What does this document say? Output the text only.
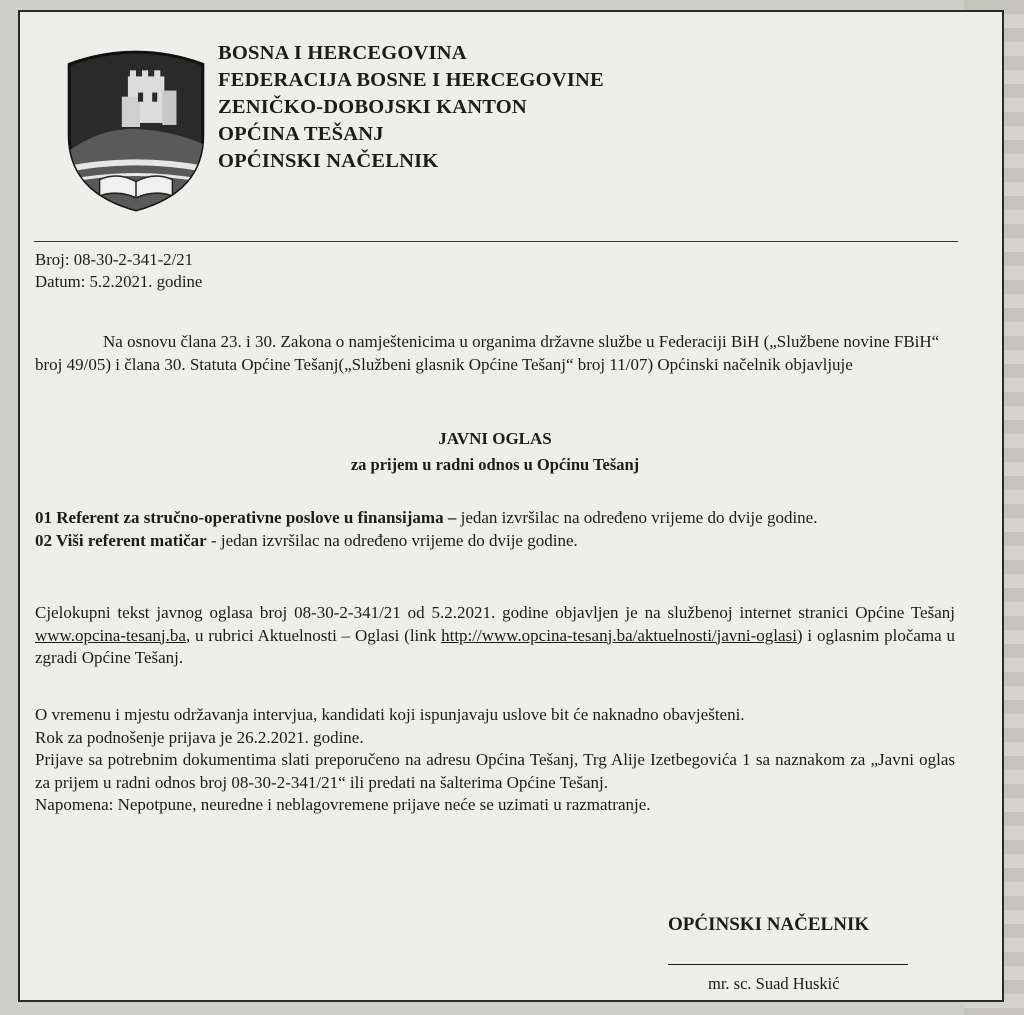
BOSNA I HERCEGOVINA
FEDERACIJA BOSNE I HERCEGOVINE
ZENIČKO-DOBOJSKI KANTON
OPĆINA TEŠANJ
OPĆINSKI NAČELNIK
Broj: 08-30-2-341-2/21
Datum: 5.2.2021. godine
Na osnovu člana 23. i 30. Zakona o namještenicima u organima državne službe u Federaciji BiH („Službene novine FBiH“ broj 49/05) i člana 30. Statuta Općine Tešanj(„Službeni glasnik Općine Tešanj“ broj 11/07) Općinski načelnik objavljuje
JAVNI OGLAS
za prijem u radni odnos u Općinu Tešanj
01 Referent za stručno-operativne poslove u finansijama – jedan izvršilac na određeno vrijeme do dvije godine.
02 Viši referent matičar - jedan izvršilac na određeno vrijeme do dvije godine.
Cjelokupni tekst javnog oglasa broj 08-30-2-341/21 od 5.2.2021. godine objavljen je na službenoj internet stranici Općine Tešanj www.opcina-tesanj.ba, u rubrici Aktuelnosti – Oglasi (link http://www.opcina-tesanj.ba/aktuelnosti/javni-oglasi) i oglasnim pločama u zgradi Općine Tešanj.
O vremenu i mjestu održavanja intervjua, kandidati koji ispunjavaju uslove bit će naknadno obavješteni.
Rok za podnošenje prijava je 26.2.2021. godine.
Prijave sa potrebnim dokumentima slati preporučeno na adresu Općina Tešanj, Trg Alije Izetbegovića 1 sa naznakom za „Javni oglas za prijem u radni odnos broj 08-30-2-341/21“ ili predati na šalterima Općine Tešanj.
Napomena: Nepotpune, neuredne i neblagovremene prijave neće se uzimati u razmatranje.
OPĆINSKI NAČELNIK
mr. sc. Suad Huskić
